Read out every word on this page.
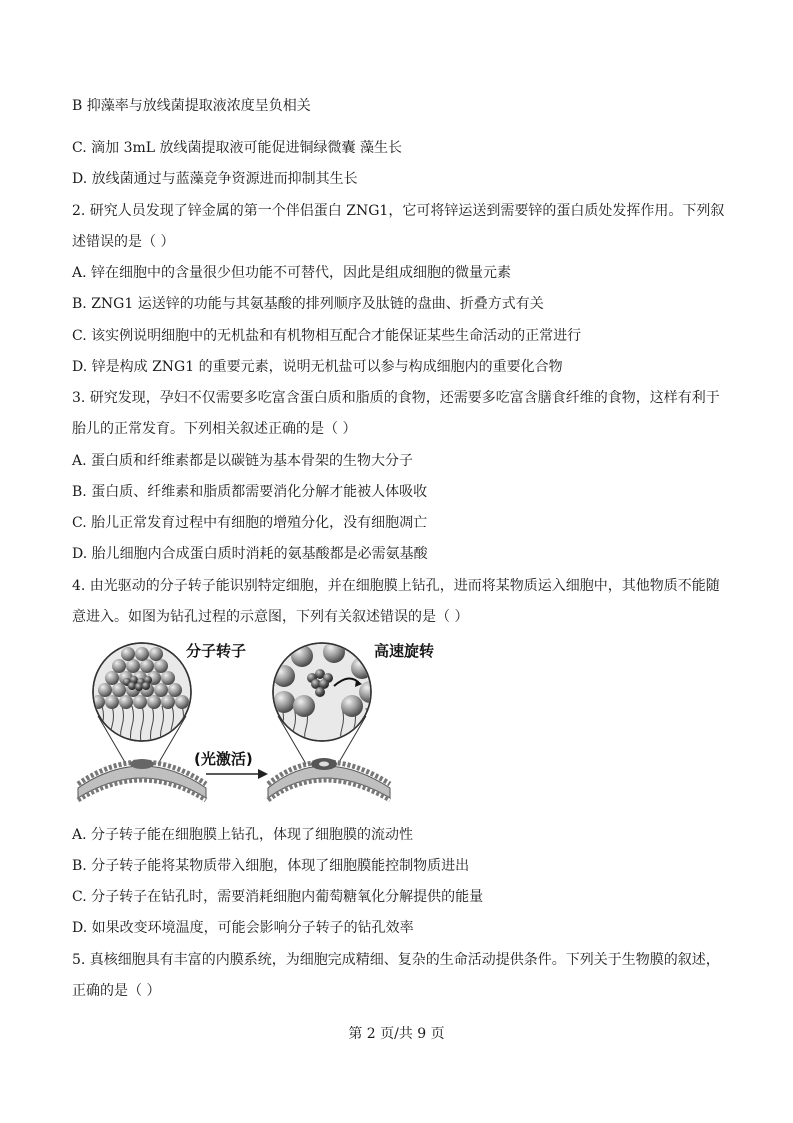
B 抑藻率与放线菌提取液浓度呈负相关
C. 滴加 3mL 放线菌提取液可能促进铜绿微囊 藻生长
D. 放线菌通过与蓝藻竞争资源进而抑制其生长
2. 研究人员发现了锌金属的第一个伴侣蛋白 ZNG1，它可将锌运送到需要锌的蛋白质处发挥作用。下列叙
述错误的是（ ）
A. 锌在细胞中的含量很少但功能不可替代，因此是组成细胞的微量元素
B. ZNG1 运送锌的功能与其氨基酸的排列顺序及肽链的盘曲、折叠方式有关
C. 该实例说明细胞中的无机盐和有机物相互配合才能保证某些生命活动的正常进行
D. 锌是构成 ZNG1 的重要元素，说明无机盐可以参与构成细胞内的重要化合物
3. 研究发现，孕妇不仅需要多吃富含蛋白质和脂质的食物，还需要多吃富含膳食纤维的食物，这样有利于
胎儿的正常发育。下列相关叙述正确的是（ ）
A. 蛋白质和纤维素都是以碳链为基本骨架的生物大分子
B. 蛋白质、纤维素和脂质都需要消化分解才能被人体吸收
C. 胎儿正常发育过程中有细胞的增殖分化，没有细胞凋亡
D. 胎儿细胞内合成蛋白质时消耗的氨基酸都是必需氨基酸
4. 由光驱动的分子转子能识别特定细胞，并在细胞膜上钻孔，进而将某物质运入细胞中，其他物质不能随
意进入。如图为钻孔过程的示意图，下列有关叙述错误的是（ ）
分子转子	高速旋转
(光激活)
A. 分子转子能在细胞膜上钻孔，体现了细胞膜的流动性
B. 分子转子能将某物质带入细胞，体现了细胞膜能控制物质进出
C. 分子转子在钻孔时，需要消耗细胞内葡萄糖氧化分解提供的能量
D. 如果改变环境温度，可能会影响分子转子的钻孔效率
5. 真核细胞具有丰富的内膜系统，为细胞完成精细、复杂的生命活动提供条件。下列关于生物膜的叙述，
正确的是（ ）
第 2 页/共 9 页
